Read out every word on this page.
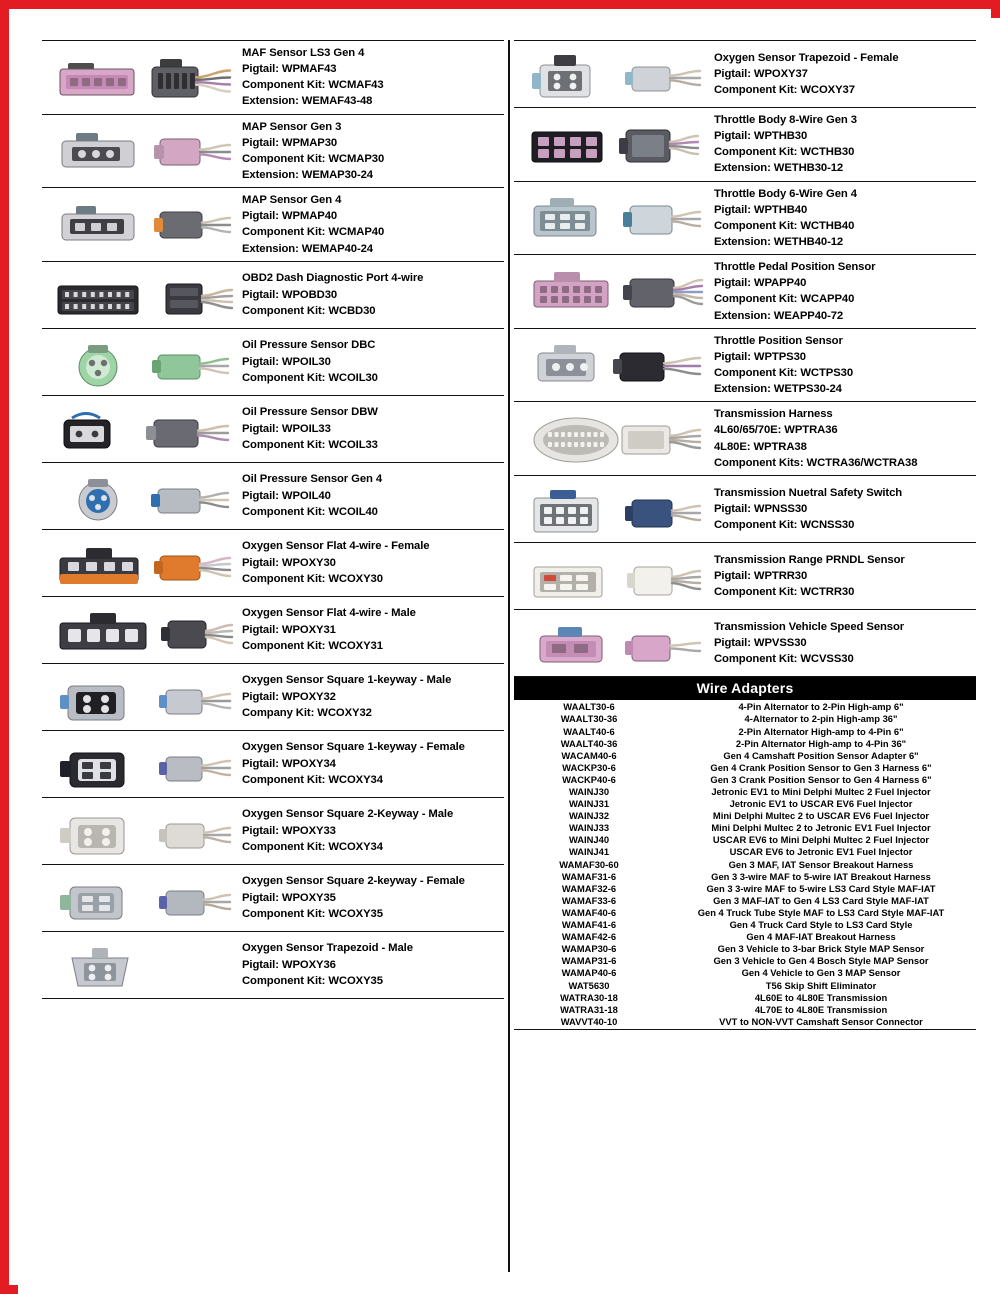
MAF Sensor LS3 Gen 4
Pigtail: WPMAF43
Component Kit: WCMAF43
Extension: WEMAF43-48
MAP Sensor Gen 3
Pigtail: WPMAP30
Component Kit: WCMAP30
Extension: WEMAP30-24
MAP Sensor Gen 4
Pigtail: WPMAP40
Component Kit: WCMAP40
Extension: WEMAP40-24
OBD2 Dash Diagnostic Port 4-wire
Pigtail: WPOBD30
Component Kit: WCBD30
Oil Pressure Sensor DBC
Pigtail: WPOIL30
Component Kit: WCOIL30
Oil Pressure Sensor DBW
Pigtail: WPOIL33
Component Kit: WCOIL33
Oil Pressure Sensor Gen 4
Pigtail: WPOIL40
Component Kit: WCOIL40
Oxygen Sensor Flat 4-wire - Female
Pigtail: WPOXY30
Component Kit: WCOXY30
Oxygen Sensor Flat 4-wire - Male
Pigtail: WPOXY31
Component Kit: WCOXY31
Oxygen Sensor Square 1-keyway - Male
Pigtail: WPOXY32
Company Kit: WCOXY32
Oxygen Sensor Square 1-keyway - Female
Pigtail: WPOXY34
Component Kit: WCOXY34
Oxygen Sensor Square 2-Keyway - Male
Pigtail: WPOXY33
Component Kit: WCOXY34
Oxygen Sensor Square 2-keyway - Female
Pigtail: WPOXY35
Component Kit: WCOXY35
Oxygen Sensor Trapezoid - Male
Pigtail: WPOXY36
Component Kit: WCOXY35
Oxygen Sensor Trapezoid - Female
Pigtail: WPOXY37
Component Kit: WCOXY37
Throttle Body 8-Wire Gen 3
Pigtail: WPTHB30
Component Kit: WCTHB30
Extension: WETHB30-12
Throttle Body 6-Wire Gen 4
Pigtail: WPTHB40
Component Kit: WCTHB40
Extension: WETHB40-12
Throttle Pedal Position Sensor
Pigtail: WPAPP40
Component Kit: WCAPP40
Extension: WEAPP40-72
Throttle Position Sensor
Pigtail: WPTPS30
Component Kit: WCTPS30
Extension: WETPS30-24
Transmission Harness
4L60/65/70E: WPTRA36
4L80E: WPTRA38
Component Kits: WCTRA36/WCTRA38
Transmission Nuetral Safety Switch
Pigtail: WPNSS30
Component Kit: WCNSS30
Transmission Range PRNDL Sensor
Pigtail: WPTRR30
Component Kit: WCTRR30
Transmission Vehicle Speed Sensor
Pigtail: WPVSS30
Component Kit: WCVSS30
Wire Adapters
WAALT30-6	4-Pin Alternator to 2-Pin High-amp 6"
WAALT30-36	4-Alternator to 2-pin High-amp 36"
WAALT40-6	2-Pin Alternator High-amp to 4-Pin 6"
WAALT40-36	2-Pin Alternator High-amp to 4-Pin 36"
WACAM40-6	Gen 4 Camshaft Position Sensor Adapter 6"
WACKP30-6	Gen 4 Crank Position Sensor to Gen 3 Harness 6"
WACKP40-6	Gen 3 Crank Position Sensor to Gen 4 Harness 6"
WAINJ30	Jetronic EV1 to Mini Delphi Multec 2 Fuel Injector
WAINJ31	Jetronic EV1 to USCAR EV6 Fuel Injector
WAINJ32	Mini Delphi Multec 2 to USCAR EV6 Fuel Injector
WAINJ33	Mini Delphi Multec 2 to Jetronic EV1 Fuel Injector
WAINJ40	USCAR EV6 to Mini Delphi Multec 2 Fuel Injector
WAINJ41	USCAR EV6 to Jetronic EV1 Fuel Injector
WAMAF30-60	Gen 3 MAF, IAT Sensor Breakout Harness
WAMAF31-6	Gen 3 3-wire MAF to 5-wire IAT Breakout Harness
WAMAF32-6	Gen 3 3-wire MAF to 5-wire LS3 Card Style MAF-IAT
WAMAF33-6	Gen 3 MAF-IAT to Gen 4 LS3 Card Style MAF-IAT
WAMAF40-6	Gen 4 Truck Tube Style MAF to LS3 Card Style MAF-IAT
WAMAF41-6	Gen 4 Truck Card Style to LS3 Card Style
WAMAF42-6	Gen 4 MAF-IAT Breakout Harness
WAMAP30-6	Gen 3 Vehicle to 3-bar Brick Style MAP Sensor
WAMAP31-6	Gen 3 Vehicle to Gen 4 Bosch Style MAP Sensor
WAMAP40-6	Gen 4 Vehicle to Gen 3 MAP Sensor
WAT5630	T56 Skip Shift Eliminator
WATRA30-18	4L60E to 4L80E Transmission
WATRA31-18	4L70E to 4L80E Transmission
WAVVT40-10	VVT to NON-VVT Camshaft Sensor Connector
